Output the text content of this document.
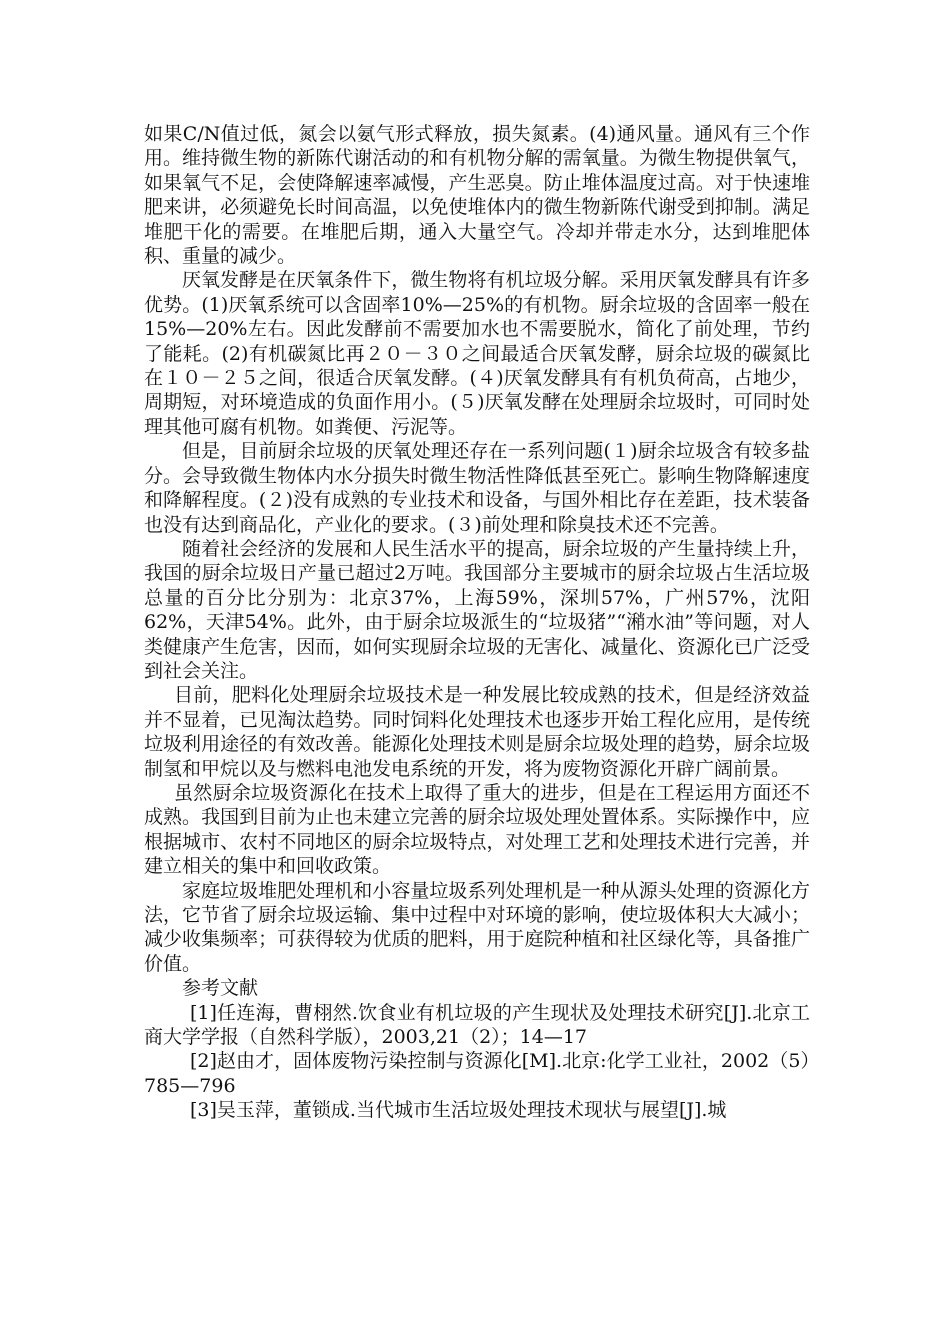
如果C/N值过低，氮会以氨气形式释放，损失氮素。(4)通风量。通风有三个作用。维持微生物的新陈代谢活动的和有机物分解的需氧量。为微生物提供氧气，如果氧气不足，会使降解速率减慢，产生恶臭。防止堆体温度过高。对于快速堆肥来讲，必须避免长时间高温，以免使堆体内的微生物新陈代谢受到抑制。满足堆肥干化的需要。在堆肥后期，通入大量空气。冷却并带走水分，达到堆肥体积、重量的减少。

厌氧发酵是在厌氧条件下，微生物将有机垃圾分解。采用厌氧发酵具有许多优势。(1)厌氧系统可以含固率10%—25%的有机物。厨余垃圾的含固率一般在15%—20%左右。因此发酵前不需要加水也不需要脱水，简化了前处理，节约了能耗。(2)有机碳氮比再２０－３０之间最适合厌氧发酵，厨余垃圾的碳氮比在１０－２５之间，很适合厌氧发酵。(４)厌氧发酵具有有机负荷高，占地少，周期短，对环境造成的负面作用小。(５)厌氧发酵在处理厨余垃圾时，可同时处理其他可腐有机物。如粪便、污泥等。

但是，目前厨余垃圾的厌氧处理还存在一系列问题(１)厨余垃圾含有较多盐分。会导致微生物体内水分损失时微生物活性降低甚至死亡。影响生物降解速度和降解程度。(２)没有成熟的专业技术和设备，与国外相比存在差距，技术装备也没有达到商品化，产业化的要求。(３)前处理和除臭技术还不完善。

随着社会经济的发展和人民生活水平的提高，厨余垃圾的产生量持续上升，我国的厨余垃圾日产量已超过2万吨。我国部分主要城市的厨余垃圾占生活垃圾总量的百分比分别为：北京37%，上海59%，深圳57%，广州57%，沈阳62%，天津54%。此外，由于厨余垃圾派生的“垃圾猪”“潲水油”等问题，对人类健康产生危害，因而，如何实现厨余垃圾的无害化、减量化、资源化已广泛受到社会关注。

目前，肥料化处理厨余垃圾技术是一种发展比较成熟的技术，但是经济效益并不显着，已见淘汰趋势。同时饲料化处理技术也逐步开始工程化应用，是传统垃圾利用途径的有效改善。能源化处理技术则是厨余垃圾处理的趋势，厨余垃圾制氢和甲烷以及与燃料电池发电系统的开发，将为废物资源化开辟广阔前景。

虽然厨余垃圾资源化在技术上取得了重大的进步，但是在工程运用方面还不成熟。我国到目前为止也未建立完善的厨余垃圾处理处置体系。实际操作中，应根据城市、农村不同地区的厨余垃圾特点，对处理工艺和处理技术进行完善，并建立相关的集中和回收政策。

家庭垃圾堆肥处理机和小容量垃圾系列处理机是一种从源头处理的资源化方法，它节省了厨余垃圾运输、集中过程中对环境的影响，使垃圾体积大大减小；减少收集频率；可获得较为优质的肥料，用于庭院种植和社区绿化等，具备推广价值。

参考文献

[1]任连海，曹栩然.饮食业有机垃圾的产生现状及处理技术研究[J].北京工商大学学报（自然科学版），2003,21（2）；14—17

[2]赵由才，固体废物污染控制与资源化[M].北京:化学工业社，2002（5）785—796

[3]吴玉萍，董锁成.当代城市生活垃圾处理技术现状与展望[J].城
